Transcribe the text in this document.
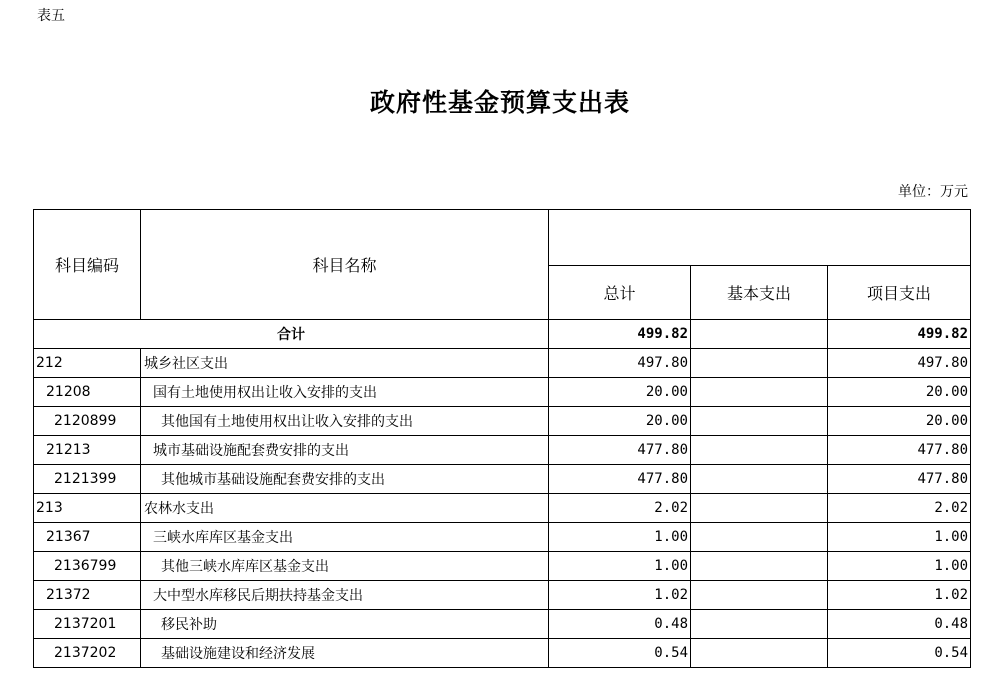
表五
政府性基金预算支出表
单位：万元
科目编码	科目名称			
		总计	基本支出	项目支出
合计		499.82		499.82
212	城乡社区支出	497.80		497.80
21208	国有土地使用权出让收入安排的支出	20.00		20.00
2120899	其他国有土地使用权出让收入安排的支出	20.00		20.00
21213	城市基础设施配套费安排的支出	477.80		477.80
2121399	其他城市基础设施配套费安排的支出	477.80		477.80
213	农林水支出	2.02		2.02
21367	三峡水库库区基金支出	1.00		1.00
2136799	其他三峡水库库区基金支出	1.00		1.00
21372	大中型水库移民后期扶持基金支出	1.02		1.02
2137201	移民补助	0.48		0.48
2137202	基础设施建设和经济发展	0.54		0.54
